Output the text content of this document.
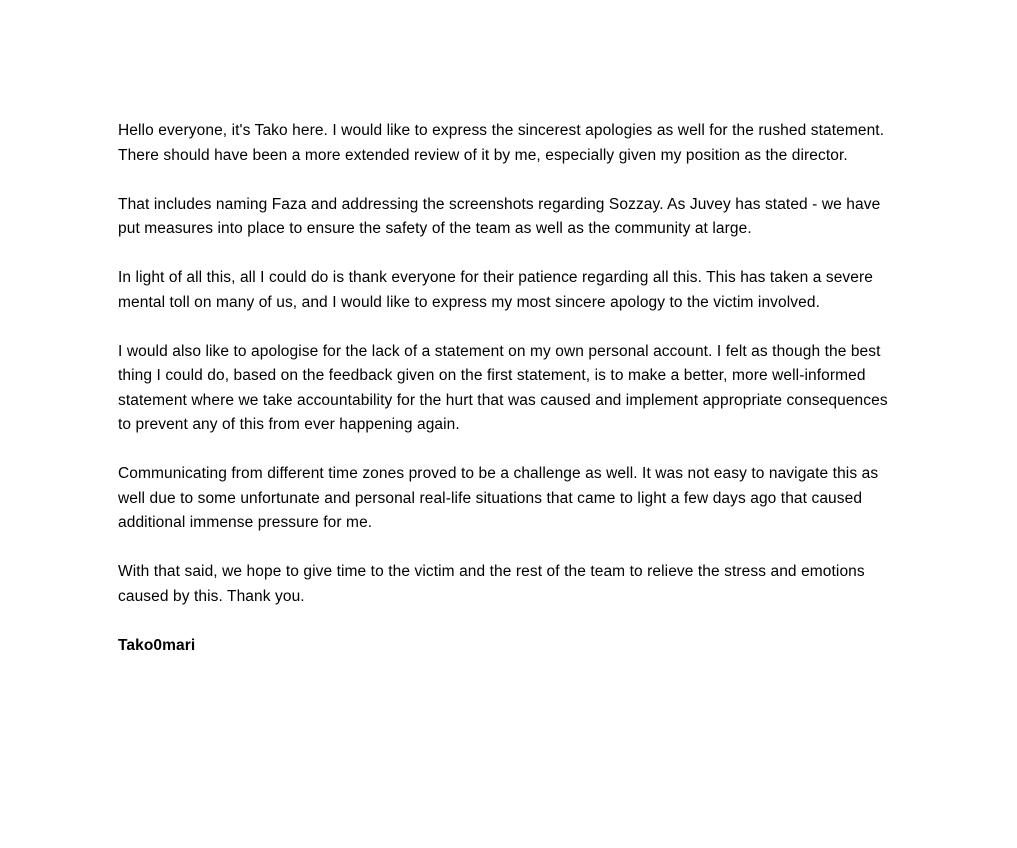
Hello everyone, it's Tako here. I would like to express the sincerest apologies as well for the rushed statement. There should have been a more extended review of it by me, especially given my position as the director.

That includes naming Faza and addressing the screenshots regarding Sozzay. As Juvey has stated - we have put measures into place to ensure the safety of the team as well as the community at large.

In light of all this, all I could do is thank everyone for their patience regarding all this. This has taken a severe mental toll on many of us, and I would like to express my most sincere apology to the victim involved.

I would also like to apologise for the lack of a statement on my own personal account. I felt as though the best thing I could do, based on the feedback given on the first statement, is to make a better, more well-informed statement where we take accountability for the hurt that was caused and implement appropriate consequences to prevent any of this from ever happening again.

Communicating from different time zones proved to be a challenge as well. It was not easy to navigate this as well due to some unfortunate and personal real-life situations that came to light a few days ago that caused additional immense pressure for me.

With that said, we hope to give time to the victim and the rest of the team to relieve the stress and emotions caused by this. Thank you.

Tako0mari
